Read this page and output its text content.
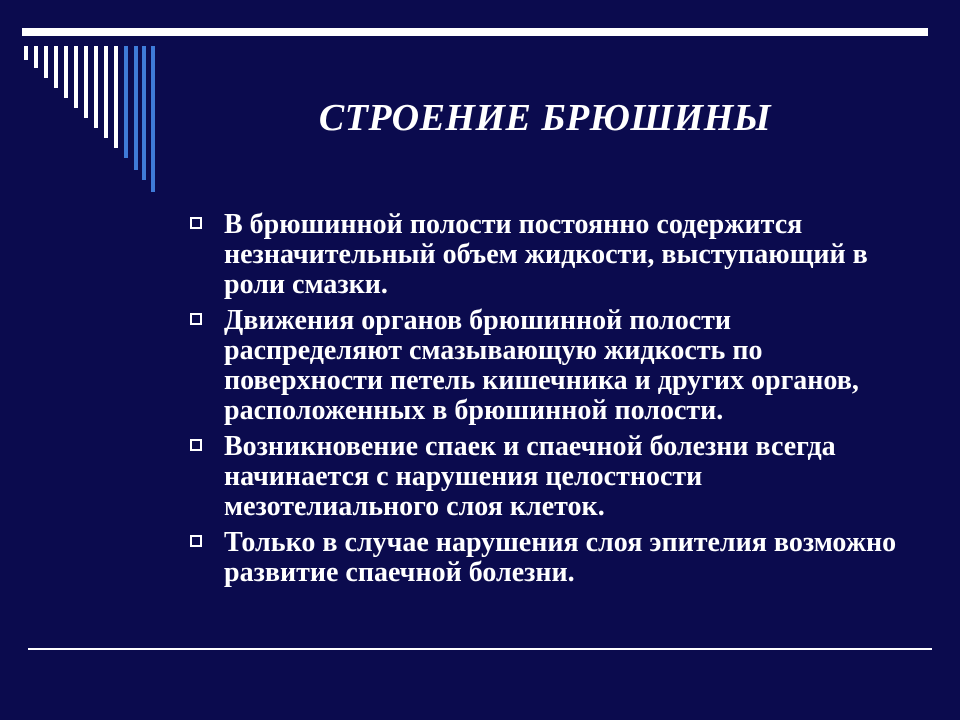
СТРОЕНИЕ БРЮШИНЫ
В брюшинной полости постоянно содержится незначительный объем жидкости, выступающий в роли смазки.
Движения органов брюшинной полости распределяют смазывающую жидкость по поверхности петель кишечника и других органов, расположенных в брюшинной полости.
Возникновение спаек и спаечной болезни всегда начинается с нарушения целостности мезотелиального слоя клеток.
Только в случае нарушения слоя эпителия возможно развитие спаечной болезни.
